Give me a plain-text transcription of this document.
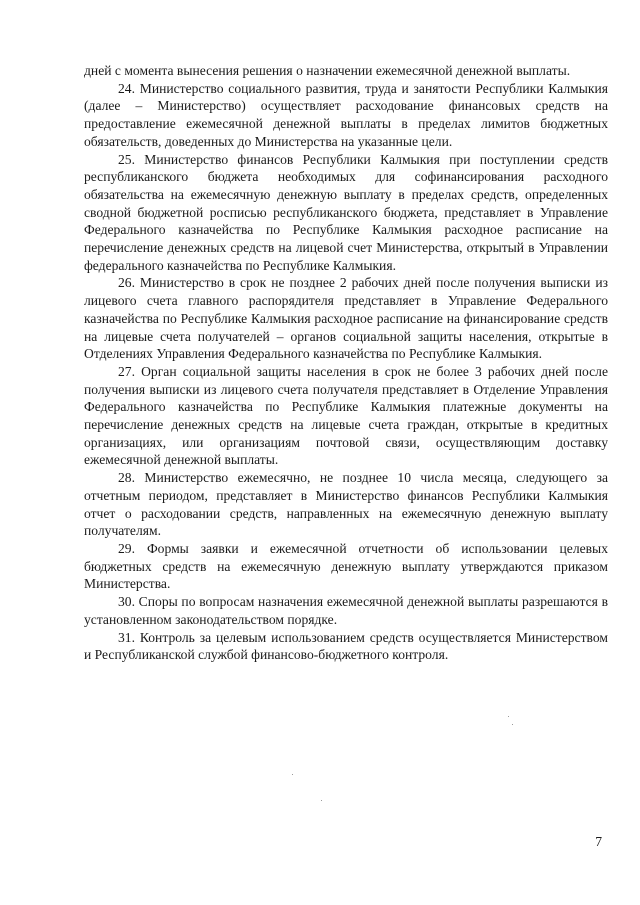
дней с момента вынесения решения о назначении ежемесячной денежной выплаты.

24. Министерство социального развития, труда и занятости Республики Калмыкия (далее – Министерство) осуществляет расходование финансовых средств на предоставление ежемесячной денежной выплаты в пределах лимитов бюджетных обязательств, доведенных до Министерства на указанные цели.

25. Министерство финансов Республики Калмыкия при поступлении средств республиканского бюджета необходимых для софинансирования расходного обязательства на ежемесячную денежную выплату в пределах средств, определенных сводной бюджетной росписью республиканского бюджета, представляет в Управление Федерального казначейства по Республике Калмыкия расходное расписание на перечисление денежных средств на лицевой счет Министерства, открытый в Управлении федерального казначейства по Республике Калмыкия.

26. Министерство в срок не позднее 2 рабочих дней после получения выписки из лицевого счета главного распорядителя представляет в Управление Федерального казначейства по Республике Калмыкия расходное расписание на финансирование средств на лицевые счета получателей – органов социальной защиты населения, открытые в Отделениях Управления Федерального казначейства по Республике Калмыкия.

27. Орган социальной защиты населения в срок не более 3 рабочих дней после получения выписки из лицевого счета получателя представляет в Отделение Управления Федерального казначейства по Республике Калмыкия платежные документы на перечисление денежных средств на лицевые счета граждан, открытые в кредитных организациях, или организациям почтовой связи, осуществляющим доставку ежемесячной денежной выплаты.

28. Министерство ежемесячно, не позднее 10 числа месяца, следующего за отчетным периодом, представляет в Министерство финансов Республики Калмыкия отчет о расходовании средств, направленных на ежемесячную денежную выплату получателям.

29. Формы заявки и ежемесячной отчетности об использовании целевых бюджетных средств на ежемесячную денежную выплату утверждаются приказом Министерства.

30. Споры по вопросам назначения ежемесячной денежной выплаты разрешаются в установленном законодательством порядке.

31. Контроль за целевым использованием средств осуществляется Министерством и Республиканской службой финансово-бюджетного контроля.

7
